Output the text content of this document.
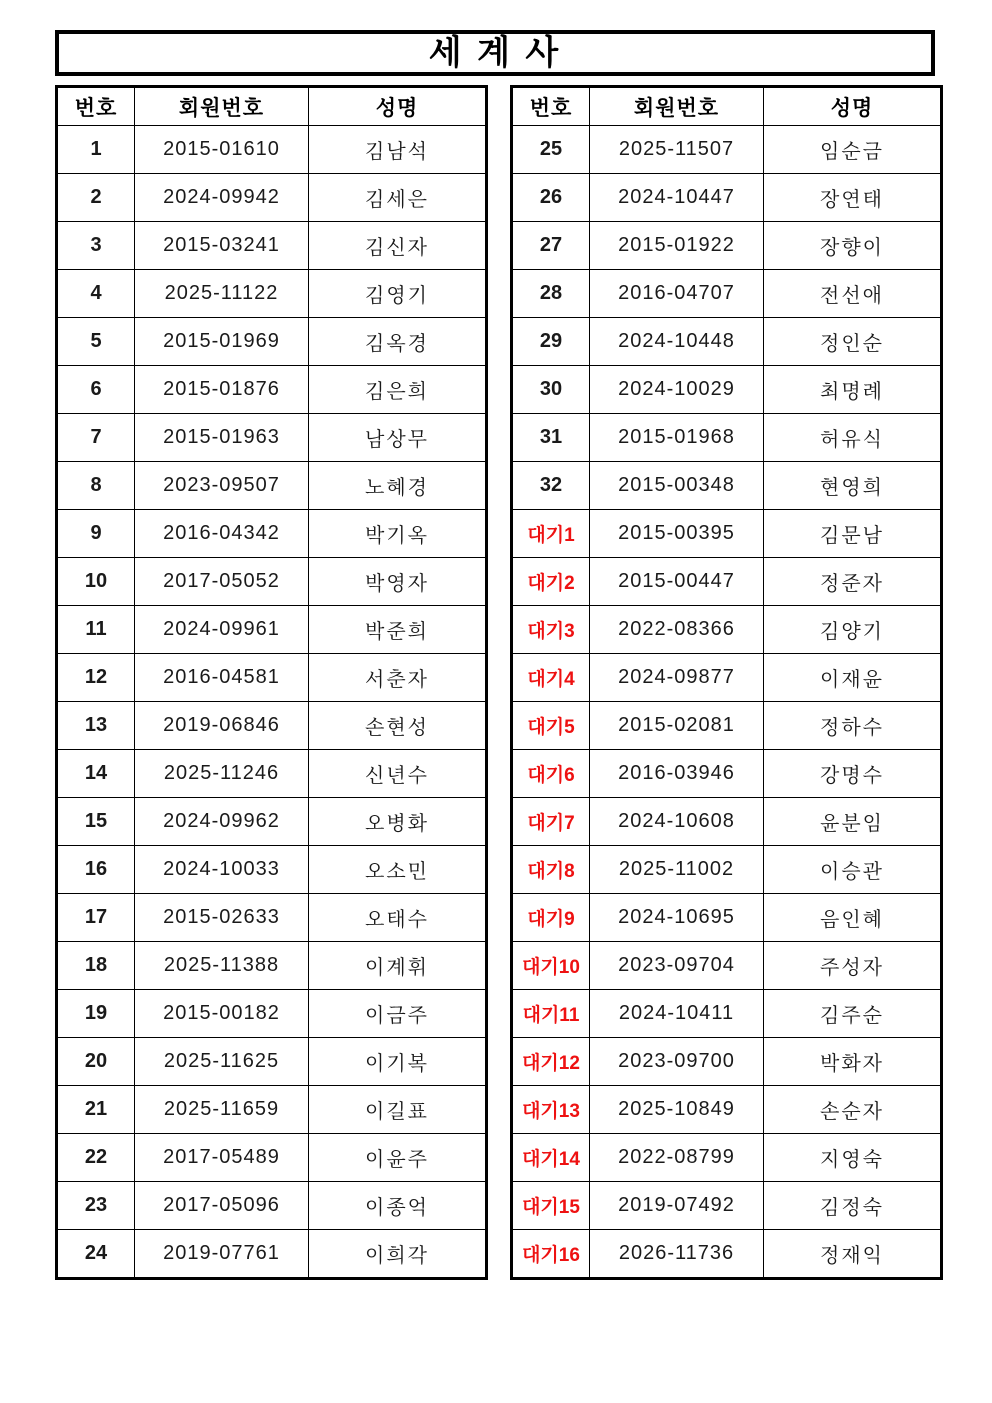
세 계 사
번호	회원번호	성명
1	2015-01610	김남석
2	2024-09942	김세은
3	2015-03241	김신자
4	2025-11122	김영기
5	2015-01969	김옥경
6	2015-01876	김은희
7	2015-01963	남상무
8	2023-09507	노혜경
9	2016-04342	박기옥
10	2017-05052	박영자
11	2024-09961	박준희
12	2016-04581	서춘자
13	2019-06846	손현성
14	2025-11246	신년수
15	2024-09962	오병화
16	2024-10033	오소민
17	2015-02633	오태수
18	2025-11388	이계휘
19	2015-00182	이금주
20	2025-11625	이기복
21	2025-11659	이길표
22	2017-05489	이윤주
23	2017-05096	이종억
24	2019-07761	이희각
번호	회원번호	성명
25	2025-11507	임순금
26	2024-10447	장연태
27	2015-01922	장향이
28	2016-04707	전선애
29	2024-10448	정인순
30	2024-10029	최명례
31	2015-01968	허유식
32	2015-00348	현영희
대기1	2015-00395	김문남
대기2	2015-00447	정준자
대기3	2022-08366	김양기
대기4	2024-09877	이재윤
대기5	2015-02081	정하수
대기6	2016-03946	강명수
대기7	2024-10608	윤분임
대기8	2025-11002	이승관
대기9	2024-10695	음인혜
대기10	2023-09704	주성자
대기11	2024-10411	김주순
대기12	2023-09700	박화자
대기13	2025-10849	손순자
대기14	2022-08799	지영숙
대기15	2019-07492	김정숙
대기16	2026-11736	정재익
